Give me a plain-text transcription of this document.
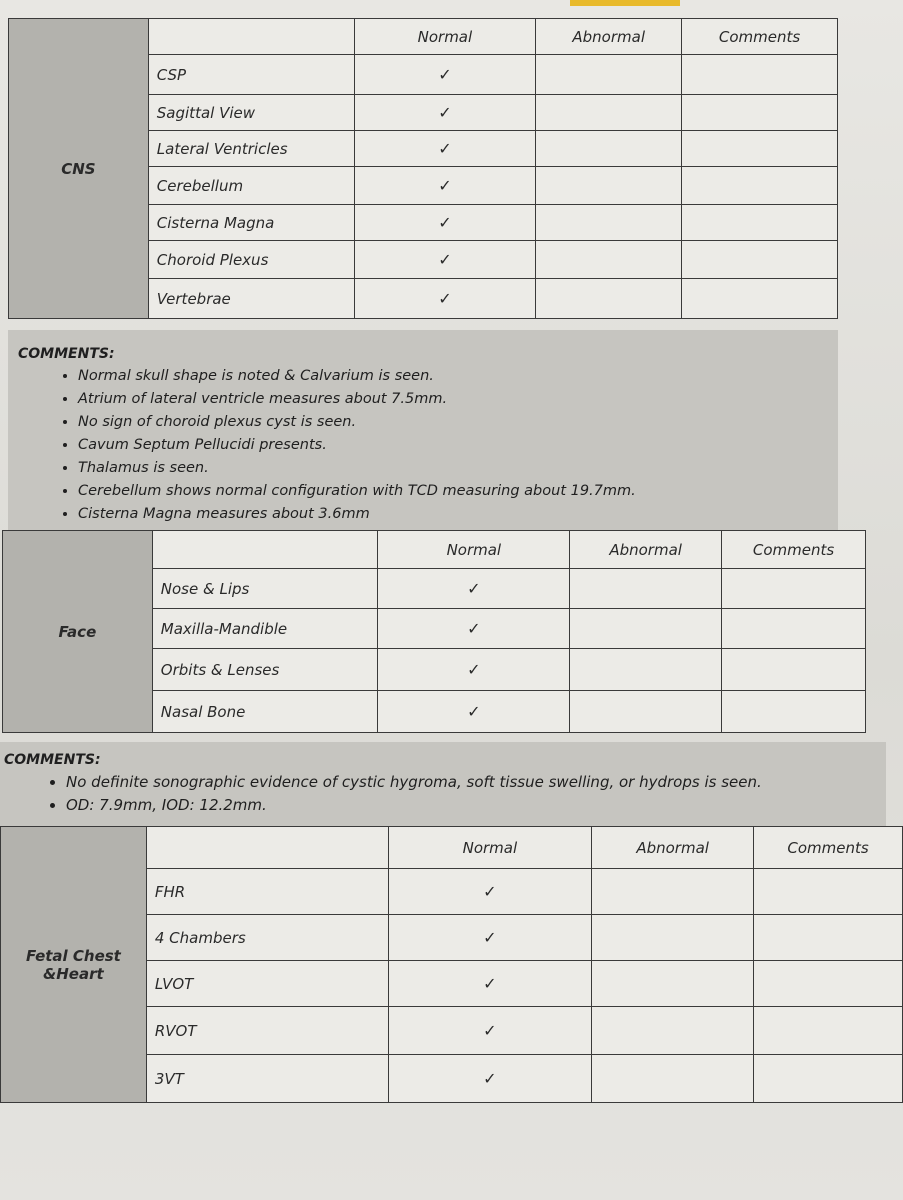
CNS		Normal	Abnormal	Comments
	CSP	✓		
	Sagittal View	✓		
	Lateral Ventricles	✓		
	Cerebellum	✓		
	Cisterna Magna	✓		
	Choroid Plexus	✓		
	Vertebrae	✓		
COMMENTS:
• Normal skull shape is noted & Calvarium is seen.
• Atrium of lateral ventricle measures about 7.5mm.
• No sign of choroid plexus cyst is seen.
• Cavum Septum Pellucidi presents.
• Thalamus is seen.
• Cerebellum shows normal configuration with TCD measuring about 19.7mm.
• Cisterna Magna measures about 3.6mm
Face		Normal	Abnormal	Comments
	Nose & Lips	✓		
	Maxilla-Mandible	✓		
	Orbits & Lenses	✓		
	Nasal Bone	✓		
COMMENTS:
• No definite sonographic evidence of cystic hygroma, soft tissue swelling, or hydrops is seen.
• OD: 7.9mm, IOD: 12.2mm.
Fetal Chest
&Heart		Normal	Abnormal	Comments
	FHR	✓		
	4 Chambers	✓		
	LVOT	✓		
	RVOT	✓		
	3VT	✓		
